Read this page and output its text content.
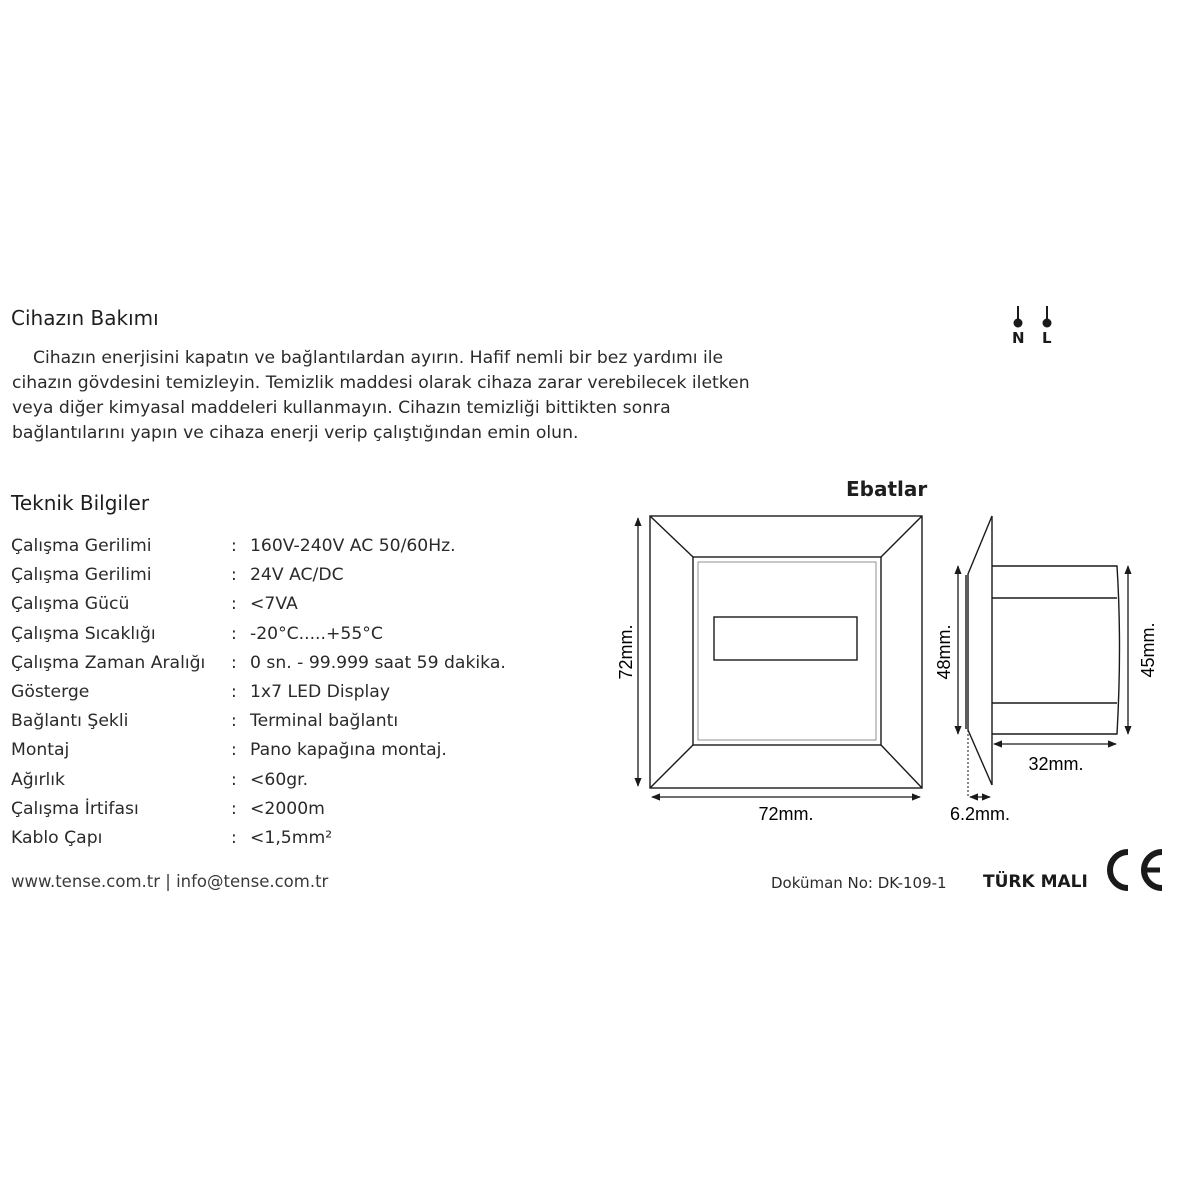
Cihazın Bakımı
Cihazın enerjisini kapatın ve bağlantılardan ayırın. Hafif nemli bir bez yardımı ile
cihazın gövdesini temizleyin. Temizlik maddesi olarak cihaza zarar verebilecek iletken
veya diğer kimyasal maddeleri kullanmayın. Cihazın temizliği bittikten sonra
bağlantılarını yapın ve cihaza enerji verip çalıştığından emin olun.
N L
Teknik Bilgiler
Çalışma Gerilimi	: 160V-240V AC 50/60Hz.
Çalışma Gerilimi	: 24V AC/DC
Çalışma Gücü	: <7VA
Çalışma Sıcaklığı	: -20°C.....+55°C
Çalışma Zaman Aralığı : 0 sn. - 99.999 saat 59 dakika.
Gösterge	: 1x7 LED Display
Bağlantı Şekli	: Terminal bağlantı
Montaj	: Pano kapağına montaj.
Ağırlık	: <60gr.
Çalışma İrtifası	: <2000m
Kablo Çapı	: <1,5mm²
Ebatlar
72mm.
72mm.	48mm.	45mm.
32mm.
6.2mm.
www.tense.com.tr | info@tense.com.tr	Doküman No: DK-109-1 TÜRK MALI
